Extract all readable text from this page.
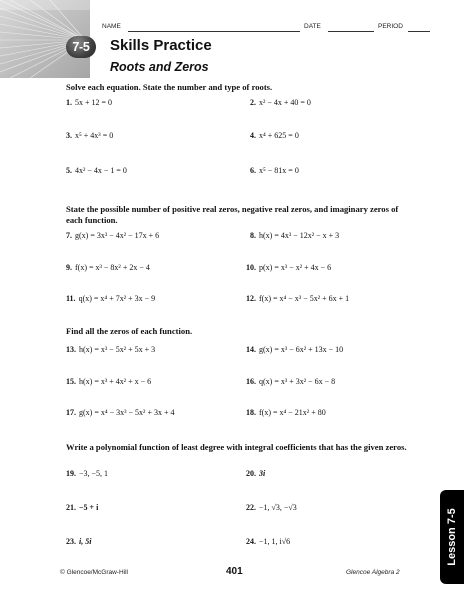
NAME	DATE	PERIOD
7-5	Skills Practice
Roots and Zeros
Solve each equation. State the number and type of roots.
1. 5x + 12 = 0	2. x² − 4x + 40 = 0
3. x⁵ + 4x³ = 0	4. x⁴ + 625 = 0
5. 4x² − 4x − 1 = 0	6. x⁵ − 81x = 0
State the possible number of positive real zeros, negative real zeros, and imaginary zeros of each function.
7. g(x) = 3x³ − 4x² − 17x + 6	8. h(x) = 4x³ − 12x² − x + 3
9. f(x) = x³ − 8x² + 2x − 4	10. p(x) = x³ − x² + 4x − 6
11. q(x) = x⁴ + 7x² + 3x − 9	12. f(x) = x⁴ − x³ − 5x² + 6x + 1
Find all the zeros of each function.
13. h(x) = x³ − 5x² + 5x + 3	14. g(x) = x³ − 6x² + 13x − 10
15. h(x) = x³ + 4x² + x − 6	16. q(x) = x³ + 3x² − 6x − 8
17. g(x) = x⁴ − 3x³ − 5x² + 3x + 4	18. f(x) = x⁴ − 21x² + 80
Write a polynomial function of least degree with integral coefficients that has the given zeros.
19. −3, −5, 1	20. 3i
21. −5 + i	22. −1, √3, −√3
23. i, 5i	24. −1, 1, i√6	Lesson 7-5
© Glencoe/McGraw-Hill	401	Glencoe Algebra 2
